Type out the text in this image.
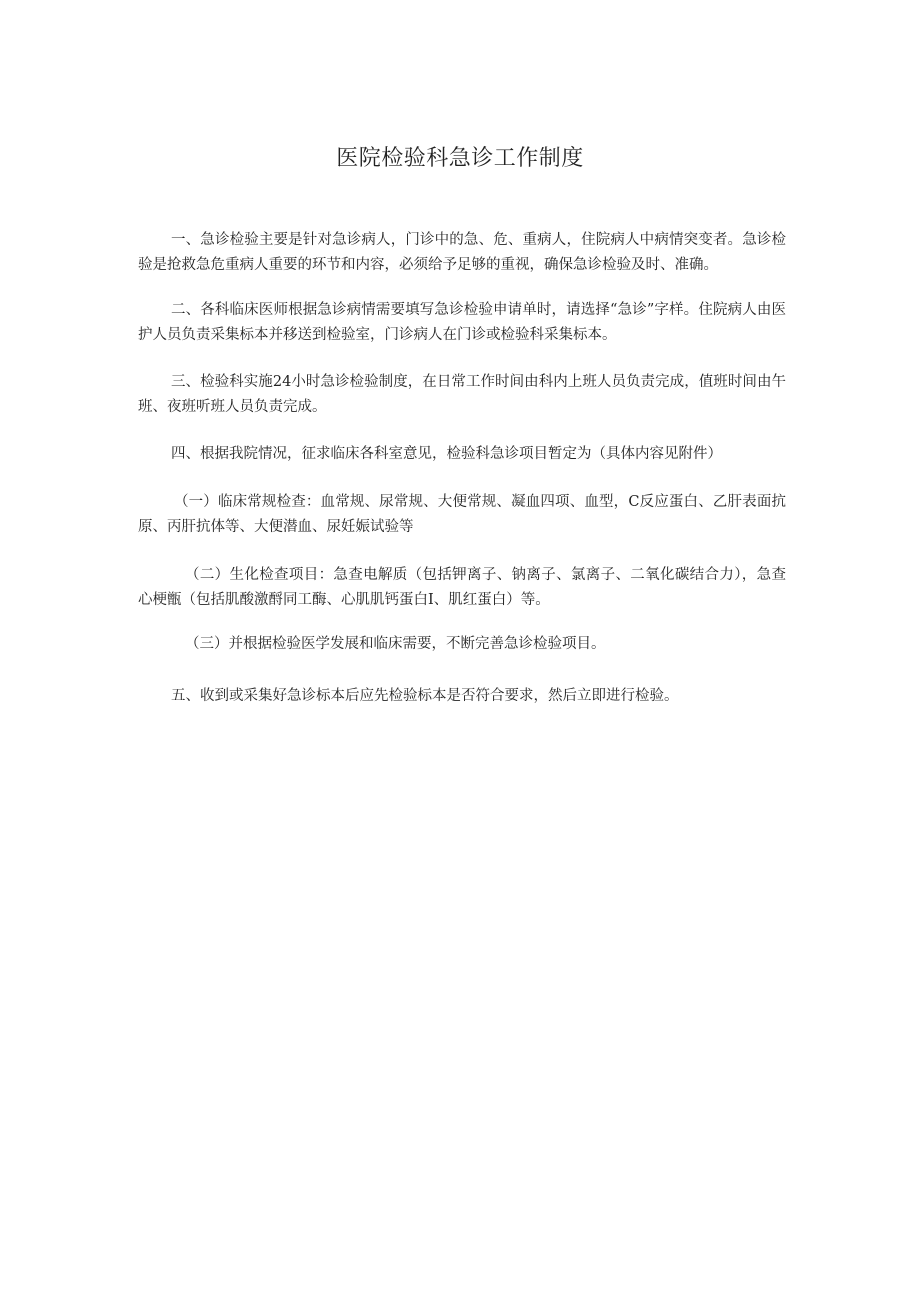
医院检验科急诊工作制度

一、急诊检验主要是针对急诊病人，门诊中的急、危、重病人，住院病人中病情突变者。急诊检验是抢救急危重病人重要的环节和内容，必须给予足够的重视，确保急诊检验及时、准确。

二、各科临床医师根据急诊病情需要填写急诊检验申请单时，请选择“急诊”字样。住院病人由医护人员负责采集标本并移送到检验室，门诊病人在门诊或检验科采集标本。

三、检验科实施24小时急诊检验制度，在日常工作时间由科内上班人员负责完成，值班时间由午班、夜班听班人员负责完成。

四、根据我院情况，征求临床各科室意见，检验科急诊项目暂定为（具体内容见附件）

（一）临床常规检查：血常规、尿常规、大便常规、凝血四项、血型，C反应蛋白、乙肝表面抗原、丙肝抗体等、大便潜血、尿妊娠试验等

（二）生化检查项目：急查电解质（包括钾离子、钠离子、氯离子、二氧化碳结合力），急查心梗甑（包括肌酸激酹同工酶、心肌肌钙蛋白I、肌红蛋白）等。

（三）并根据检验医学发展和临床需要，不断完善急诊检验项目。

五、收到或采集好急诊标本后应先检验标本是否符合要求，然后立即进行检验。
